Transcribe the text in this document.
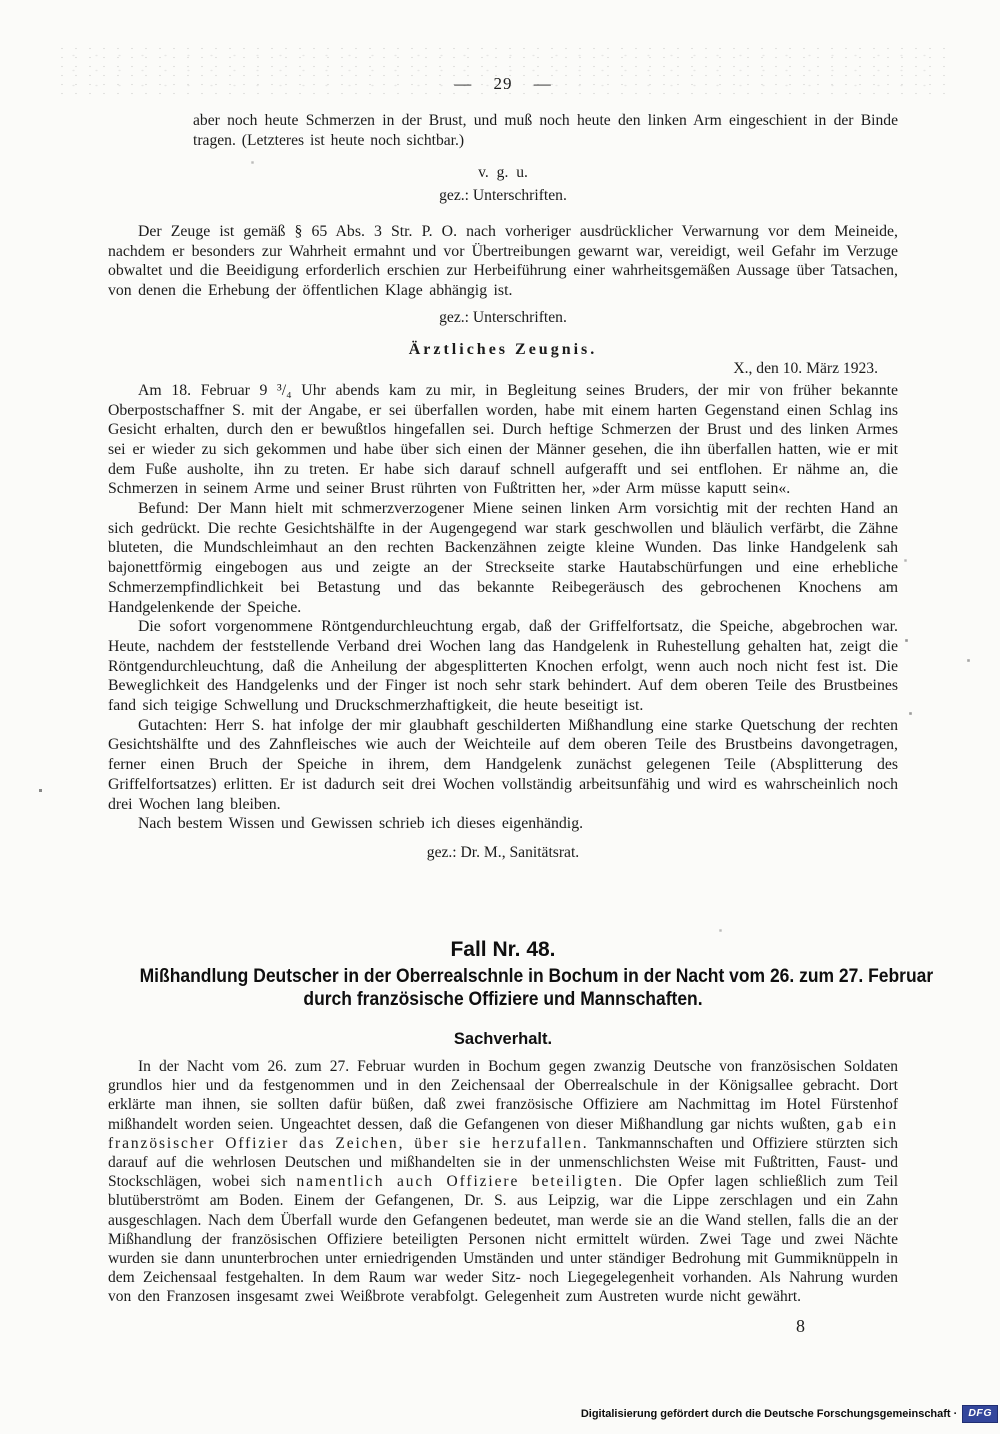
— 29 —

aber noch heute Schmerzen in der Brust, und muß noch heute den linken Arm eingeschient in der Binde tragen. (Letzteres ist heute noch sichtbar.)

v. g. u.

gez.: Unterschriften.

Der Zeuge ist gemäß § 65 Abs. 3 Str. P. O. nach vorheriger ausdrücklicher Verwarnung vor dem Meineide, nachdem er besonders zur Wahrheit ermahnt und vor Übertreibungen gewarnt war, vereidigt, weil Gefahr im Verzuge obwaltet und die Beeidigung erforderlich erschien zur Herbeiführung einer wahrheitsgemäßen Aussage über Tatsachen, von denen die Erhebung der öffentlichen Klage abhängig ist.

gez.: Unterschriften.

Ärztliches Zeugnis.

X., den 10. März 1923.

Am 18. Februar 9 ³/₄ Uhr abends kam zu mir, in Begleitung seines Bruders, der mir von früher bekannte Oberpostschaffner S. mit der Angabe, er sei überfallen worden, habe mit einem harten Gegenstand einen Schlag ins Gesicht erhalten, durch den er bewußtlos hingefallen sei. Durch heftige Schmerzen der Brust und des linken Armes sei er wieder zu sich gekommen und habe über sich einen der Männer gesehen, die ihn überfallen hatten, wie er mit dem Fuße ausholte, ihn zu treten. Er habe sich darauf schnell aufgerafft und sei entflohen. Er nähme an, die Schmerzen in seinem Arme und seiner Brust rührten von Fußtritten her, »der Arm müsse kaputt sein«.

Befund: Der Mann hielt mit schmerzverzogener Miene seinen linken Arm vorsichtig mit der rechten Hand an sich gedrückt. Die rechte Gesichtshälfte in der Augengegend war stark geschwollen und bläulich verfärbt, die Zähne bluteten, die Mundschleimhaut an den rechten Backenzähnen zeigte kleine Wunden. Das linke Handgelenk sah bajonettförmig eingebogen aus und zeigte an der Streckseite starke Hautabschürfungen und eine erhebliche Schmerzempfindlichkeit bei Betastung und das bekannte Reibegeräusch des gebrochenen Knochens am Handgelenkende der Speiche.

Die sofort vorgenommene Röntgendurchleuchtung ergab, daß der Griffelfortsatz, die Speiche, abgebrochen war. Heute, nachdem der feststellende Verband drei Wochen lang das Handgelenk in Ruhestellung gehalten hat, zeigt die Röntgendurchleuchtung, daß die Anheilung der abgesplitterten Knochen erfolgt, wenn auch noch nicht fest ist. Die Beweglichkeit des Handgelenks und der Finger ist noch sehr stark behindert. Auf dem oberen Teile des Brustbeines fand sich teigige Schwellung und Druckschmerzhaftigkeit, die heute beseitigt ist.

Gutachten: Herr S. hat infolge der mir glaubhaft geschilderten Mißhandlung eine starke Quetschung der rechten Gesichtshälfte und des Zahnfleisches wie auch der Weichteile auf dem oberen Teile des Brustbeins davongetragen, ferner einen Bruch der Speiche in ihrem, dem Handgelenk zunächst gelegenen Teile (Absplitterung des Griffelfortsatzes) erlitten. Er ist dadurch seit drei Wochen vollständig arbeitsunfähig und wird es wahrscheinlich noch drei Wochen lang bleiben.

Nach bestem Wissen und Gewissen schrieb ich dieses eigenhändig.

gez.: Dr. M., Sanitätsrat.

Fall Nr. 48.
Mißhandlung Deutscher in der Oberrealschnle in Bochum in der Nacht vom 26. zum 27. Februar
durch französische Offiziere und Mannschaften.
Sachverhalt.

In der Nacht vom 26. zum 27. Februar wurden in Bochum gegen zwanzig Deutsche von französischen Soldaten grundlos hier und da festgenommen und in den Zeichensaal der Oberrealschule in der Königsallee gebracht. Dort erklärte man ihnen, sie sollten dafür büßen, daß zwei französische Offiziere am Nachmittag im Hotel Fürstenhof mißhandelt worden seien. Ungeachtet dessen, daß die Gefangenen von dieser Mißhandlung gar nichts wußten, gab ein französischer Offizier das Zeichen, über sie herzufallen. Tankmannschaften und Offiziere stürzten sich darauf auf die wehrlosen Deutschen und mißhandelten sie in der unmenschlichsten Weise mit Fußtritten, Faust- und Stockschlägen, wobei sich namentlich auch Offiziere beteiligten. Die Opfer lagen schließlich zum Teil blutüberströmt am Boden. Einem der Gefangenen, Dr. S. aus Leipzig, war die Lippe zerschlagen und ein Zahn ausgeschlagen. Nach dem Überfall wurde den Gefangenen bedeutet, man werde sie an die Wand stellen, falls die an der Mißhandlung der französischen Offiziere beteiligten Personen nicht ermittelt würden. Zwei Tage und zwei Nächte wurden sie dann ununterbrochen unter erniedrigenden Umständen und unter ständiger Bedrohung mit Gummiknüppeln in dem Zeichensaal festgehalten. In dem Raum war weder Sitz- noch Liegegelegenheit vorhanden. Als Nahrung wurden von den Franzosen insgesamt zwei Weißbrote verabfolgt. Gelegenheit zum Austreten wurde nicht gewährt.

8
Digitalisierung gefördert durch die Deutsche Forschungsgemeinschaft ·	DFG
